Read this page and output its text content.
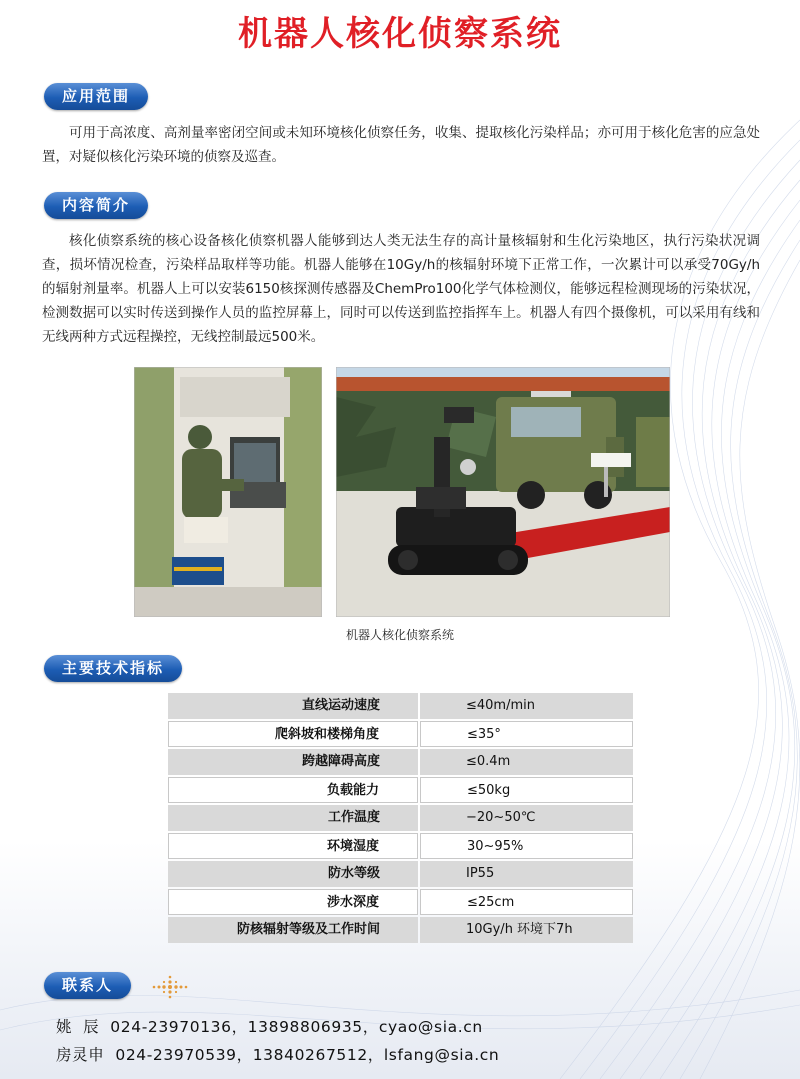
机器人核化侦察系统
应用范围
可用于高浓度、高剂量率密闭空间或未知环境核化侦察任务，收集、提取核化污染样品；亦可用于核化危害的应急处置，对疑似核化污染环境的侦察及巡查。
内容简介
核化侦察系统的核心设备核化侦察机器人能够到达人类无法生存的高计量核辐射和生化污染地区，执行污染状况调查，损坏情况检查，污染样品取样等功能。机器人能够在10Gy/h的核辐射环境下正常工作，一次累计可以承受70Gy/h的辐射剂量率。机器人上可以安装6150核探测传感器及ChemPro100化学气体检测仪，能够远程检测现场的污染状况，检测数据可以实时传送到操作人员的监控屏幕上，同时可以传送到监控指挥车上。机器人有四个摄像机，可以采用有线和无线两种方式远程操控，无线控制最远500米。
机器人核化侦察系统
主要技术指标
直线运动速度	≤40m/min
爬斜坡和楼梯角度	≤35°
跨越障碍高度	≤0.4m
负载能力	≤50kg
工作温度	−20~50℃
环境湿度	30~95%
防水等级	IP55
涉水深度	≤25cm
防核辐射等级及工作时间	10Gy/h 环境下7h
联系人
姚  辰  024-23970136，13898806935，cyao@sia.cn
房灵申  024-23970539，13840267512，lsfang@sia.cn
